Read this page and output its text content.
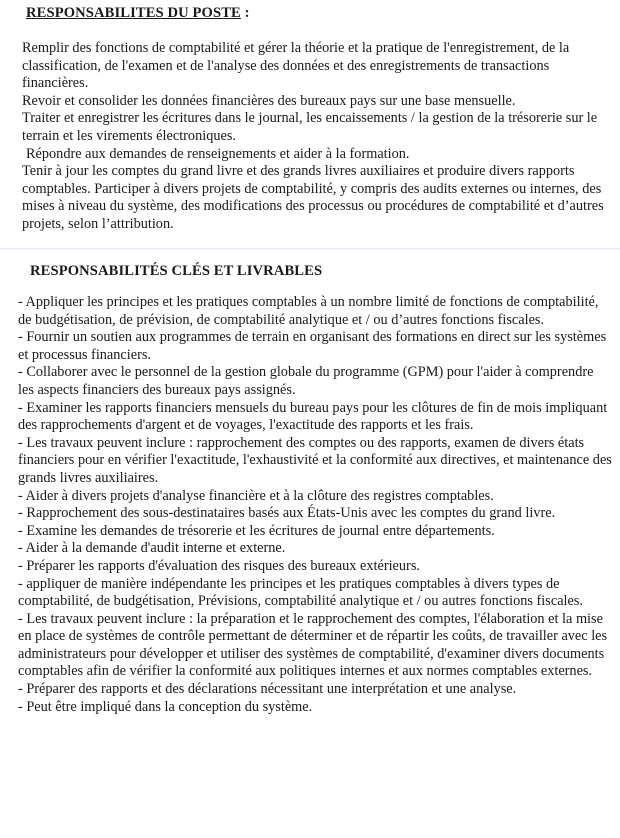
RESPONSABILITES DU POSTE :

Remplir des fonctions de comptabilité et gérer la théorie et la pratique de l'enregistrement, de la classification, de l'examen et de l'analyse des données et des enregistrements de transactions financières.

Revoir et consolider les données financières des bureaux pays sur une base mensuelle.

Traiter et enregistrer les écritures dans le journal, les encaissements / la gestion de la trésorerie sur le terrain et les virements électroniques.

Répondre aux demandes de renseignements et aider à la formation.

Tenir à jour les comptes du grand livre et des grands livres auxiliaires et produire divers rapports comptables. Participer à divers projets de comptabilité, y compris des audits externes ou internes, des mises à niveau du système, des modifications des processus ou procédures de comptabilité et d’autres projets, selon l’attribution.

RESPONSABILITÉS CLÉS ET LIVRABLES

- Appliquer les principes et les pratiques comptables à un nombre limité de fonctions de comptabilité, de budgétisation, de prévision, de comptabilité analytique et / ou d’autres fonctions fiscales.

- Fournir un soutien aux programmes de terrain en organisant des formations en direct sur les systèmes et processus financiers.

- Collaborer avec le personnel de la gestion globale du programme (GPM) pour l'aider à comprendre les aspects financiers des bureaux pays assignés.

- Examiner les rapports financiers mensuels du bureau pays pour les clôtures de fin de mois impliquant des rapprochements d'argent et de voyages, l'exactitude des rapports et les frais.

- Les travaux peuvent inclure : rapprochement des comptes ou des rapports, examen de divers états financiers pour en vérifier l'exactitude, l'exhaustivité et la conformité aux directives, et maintenance des grands livres auxiliaires.

- Aider à divers projets d'analyse financière et à la clôture des registres comptables.

- Rapprochement des sous-destinataires basés aux États-Unis avec les comptes du grand livre.

- Examine les demandes de trésorerie et les écritures de journal entre départements.

- Aider à la demande d'audit interne et externe.

- Préparer les rapports d'évaluation des risques des bureaux extérieurs.

- appliquer de manière indépendante les principes et les pratiques comptables à divers types de comptabilité, de budgétisation, Prévisions, comptabilité analytique et / ou autres fonctions fiscales.

- Les travaux peuvent inclure : la préparation et le rapprochement des comptes, l'élaboration et la mise en place de systèmes de contrôle permettant de déterminer et de répartir les coûts, de travailler avec les administrateurs pour développer et utiliser des systèmes de comptabilité, d'examiner divers documents comptables afin de vérifier la conformité aux politiques internes et aux normes comptables externes.

- Préparer des rapports et des déclarations nécessitant une interprétation et une analyse.

- Peut être impliqué dans la conception du système.
